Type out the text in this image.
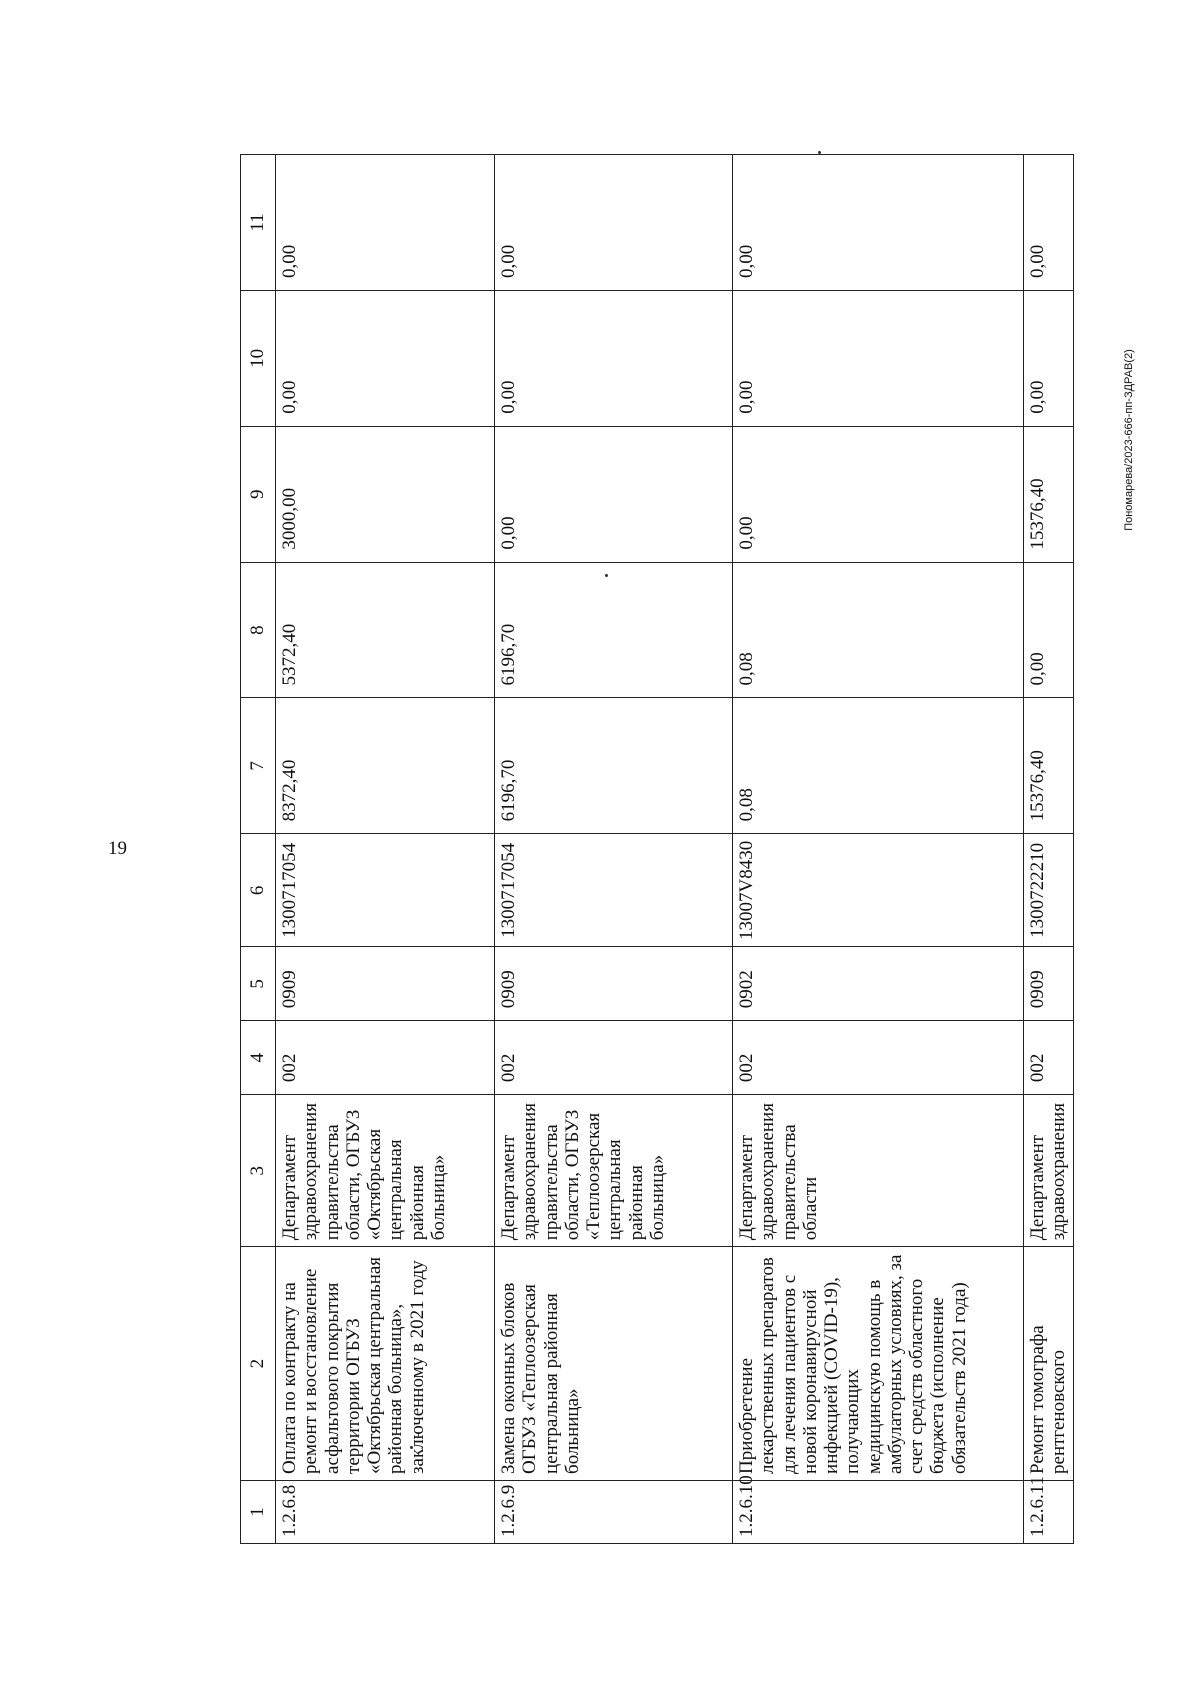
19
Пономарева/2023-666-пп-ЗДРАВ(2)
1	2	3	4	5	6	7	8	9	10	11
1.2.6.8	Оплата по контракту на ремонт и восстановление асфальтового покрытия территории ОГБУЗ «Октябрьская центральная районная больница», заключенному в 2021 году	Департамент здравоохранения правительства области, ОГБУЗ «Октябрьская центральная районная больница»	002	0909	1300717054	8372,40	5372,40	3000,00	0,00	0,00
1.2.6.9	Замена оконных блоков ОГБУЗ «Теплоозерская центральная районная больница»	Департамент здравоохранения правительства области, ОГБУЗ «Теплоозерская центральная районная больница»	002	0909	1300717054	6196,70	6196,70	0,00	0,00	0,00
1.2.6.10	Приобретение лекарственных препаратов для лечения пациентов с новой коронавирусной инфекцией (COVID-19), получающих медицинскую помощь в амбулаторных условиях, за счет средств областного бюджета (исполнение обязательств 2021 года)	Департамент здравоохранения правительства области	002	0902	13007V8430	0,08	0,08	0,00	0,00	0,00
1.2.6.11	Ремонт томографа рентгеновского	Департамент здравоохранения	002	0909	1300722210	15376,40	0,00	15376,40	0,00	0,00
